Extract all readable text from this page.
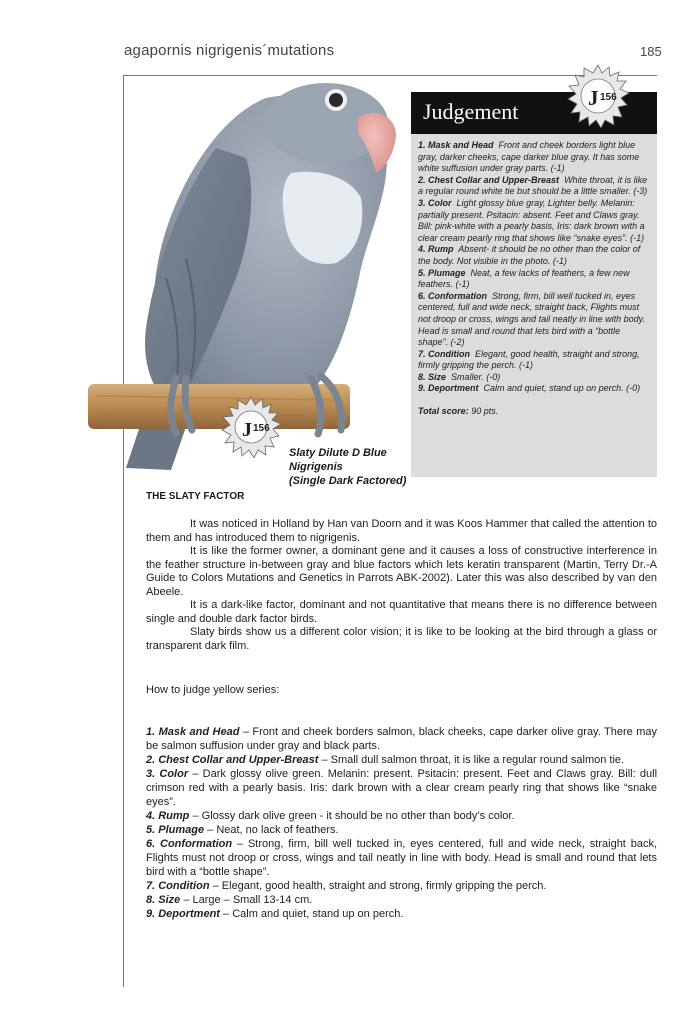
agapornis nigrigenis´mutations	185
J 156
Slaty Dilute D Blue
Nigrigenis
(Single Dark Factored)
Judgement
1. Mask and Head Front and cheek borders light blue gray, darker cheeks, cape darker blue gray. It has some white suffusion under gray parts. (-1)
2. Chest Collar and Upper-Breast White throat, it is like a regular round white tie but should be a little smaller. (-3)
3. Color Light glossy blue gray, Lighter belly. Melanin: partially present. Psitacin: absent. Feet and Claws gray. Bill: pink-white with a pearly basis, Iris: dark brown with a clear cream pearly ring that shows like “snake eyes”. (-1)
4. Rump Absent- it should be no other than the color of the body. Not visible in the photo. (-1)
5. Plumage Neat, a few lacks of feathers, a few new feathers. (-1)
6. Conformation Strong, firm, bill well tucked in, eyes centered, full and wide neck, straight back, Flights must not droop or cross, wings and tail neatly in line with body. Head is small and round that lets bird with a “bottle shape”. (-2)
7. Condition Elegant, good health, straight and strong, firmly gripping the perch. (-1)
8. Size Smaller. (-0)
9. Deportment Calm and quiet, stand up on perch. (-0)
Total score: 90 pts.
J 156
THE SLATY FACTOR

It was noticed in Holland by Han van Doorn and it was Koos Hammer that called the attention to them and has introduced them to nigrigenis.

It is like the former owner, a dominant gene and it causes a loss of constructive interference in the feather structure in-between gray and blue factors which lets keratin transparent (Martin, Terry Dr.-A Guide to Colors Mutations and Genetics in Parrots ABK-2002). Later this was also described by van den Abeele.

It is a dark-like factor, dominant and not quantitative that means there is no difference between single and double dark factor birds.

Slaty birds show us a different color vision; it is like to be looking at the bird through a glass or transparent dark film.

How to judge yellow series:
1. Mask and Head – Front and cheek borders salmon, black cheeks, cape darker olive gray. There may be salmon suffusion under gray and black parts.
2. Chest Collar and Upper-Breast – Small dull salmon throat, it is like a regular round salmon tie.
3. Color – Dark glossy olive green. Melanin: present. Psitacin: present. Feet and Claws gray. Bill: dull crimson red with a pearly basis. Iris: dark brown with a clear cream pearly ring that shows like “snake eyes”.
4. Rump – Glossy dark olive green - it should be no other than body’s color.
5. Plumage – Neat, no lack of feathers.
6. Conformation – Strong, firm, bill well tucked in, eyes centered, full and wide neck, straight back, Flights must not droop or cross, wings and tail neatly in line with body. Head is small and round that lets bird with a “bottle shape”.
7. Condition – Elegant, good health, straight and strong, firmly gripping the perch.
8. Size – Large – Small 13-14 cm.
9. Deportment – Calm and quiet, stand up on perch.
